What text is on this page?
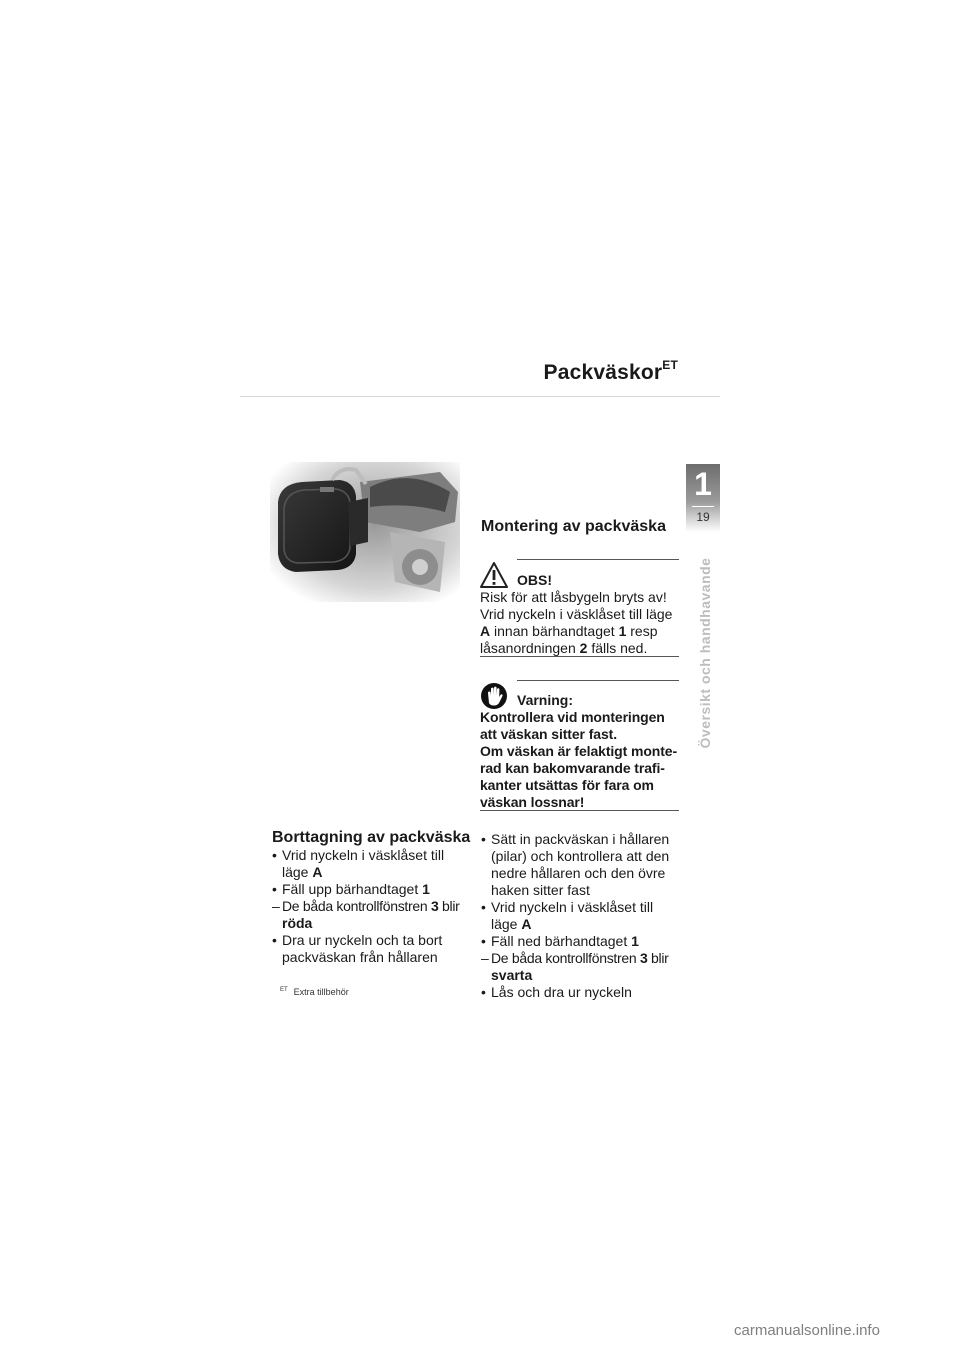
Packväskor$^{ET}$
1
19
Översikt och handhavande
Montering av packväska
OBS!
Risk för att låsbygeln bryts av!
Vrid nyckeln i väsklåset till läge
A innan bärhandtaget 1 resp
låsanordningen 2 fälls ned.
Varning:
Kontrollera vid monteringen
att väskan sitter fast.
Om väskan är felaktigt monte-
rad kan bakomvarande trafi-
kanter utsättas för fara om
väskan lossnar!
Borttagning av packväska
• Vrid nyckeln i väsklåset till
läge A
• Fäll upp bärhandtaget 1
– De båda kontrollfönstren 3 blir
röda
• Dra ur nyckeln och ta bort
packväskan från hållaren
• Sätt in packväskan i hållaren
(pilar) och kontrollera att den
nedre hållaren och den övre
haken sitter fast
• Vrid nyckeln i väsklåset till
läge A
• Fäll ned bärhandtaget 1
– De båda kontrollfönstren 3 blir
svarta
• Lås och dra ur nyckeln
$^{ET}$ Extra tillbehör
carmanualsonline.info
